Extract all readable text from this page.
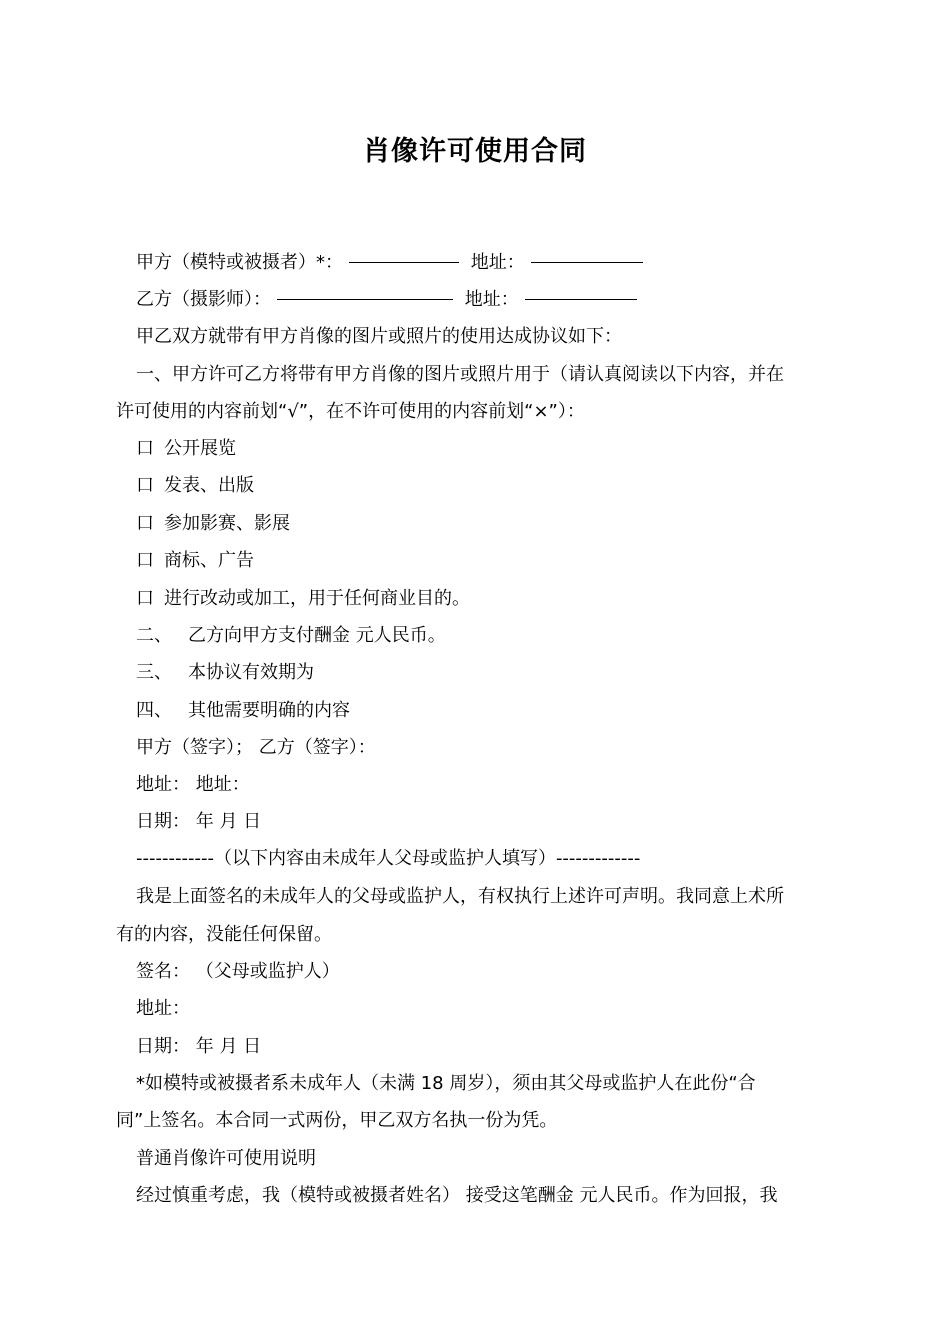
肖像许可使用合同
甲方（模特或被摄者）*：	地址：
乙方（摄影师）：	地址：
甲乙双方就带有甲方肖像的图片或照片的使用达成协议如下：
一、甲方许可乙方将带有甲方肖像的图片或照片用于（请认真阅读以下内容，并在
许可使用的内容前划“√”，在不许可使用的内容前划“×”）：
口 公开展览
口 发表、出版
口 参加影赛、影展
口 商标、广告
口 进行改动或加工，用于任何商业目的。
二、 乙方向甲方支付酬金 元人民币。
三、 本协议有效期为
四、 其他需要明确的内容
甲方（签字）； 乙方（签字）：
地址： 地址：
日期： 年 月 日
------------（以下内容由未成年人父母或监护人填写）-------------
我是上面签名的未成年人的父母或监护人，有权执行上述许可声明。我同意上术所
有的内容，没能任何保留。
签名： （父母或监护人）
地址：
日期： 年 月 日
*如模特或被摄者系未成年人（未满 18 周岁），须由其父母或监护人在此份“合
同”上签名。本合同一式两份，甲乙双方名执一份为凭。
普通肖像许可使用说明
经过慎重考虑，我（模特或被摄者姓名） 接受这笔酬金 元人民币。作为回报，我
